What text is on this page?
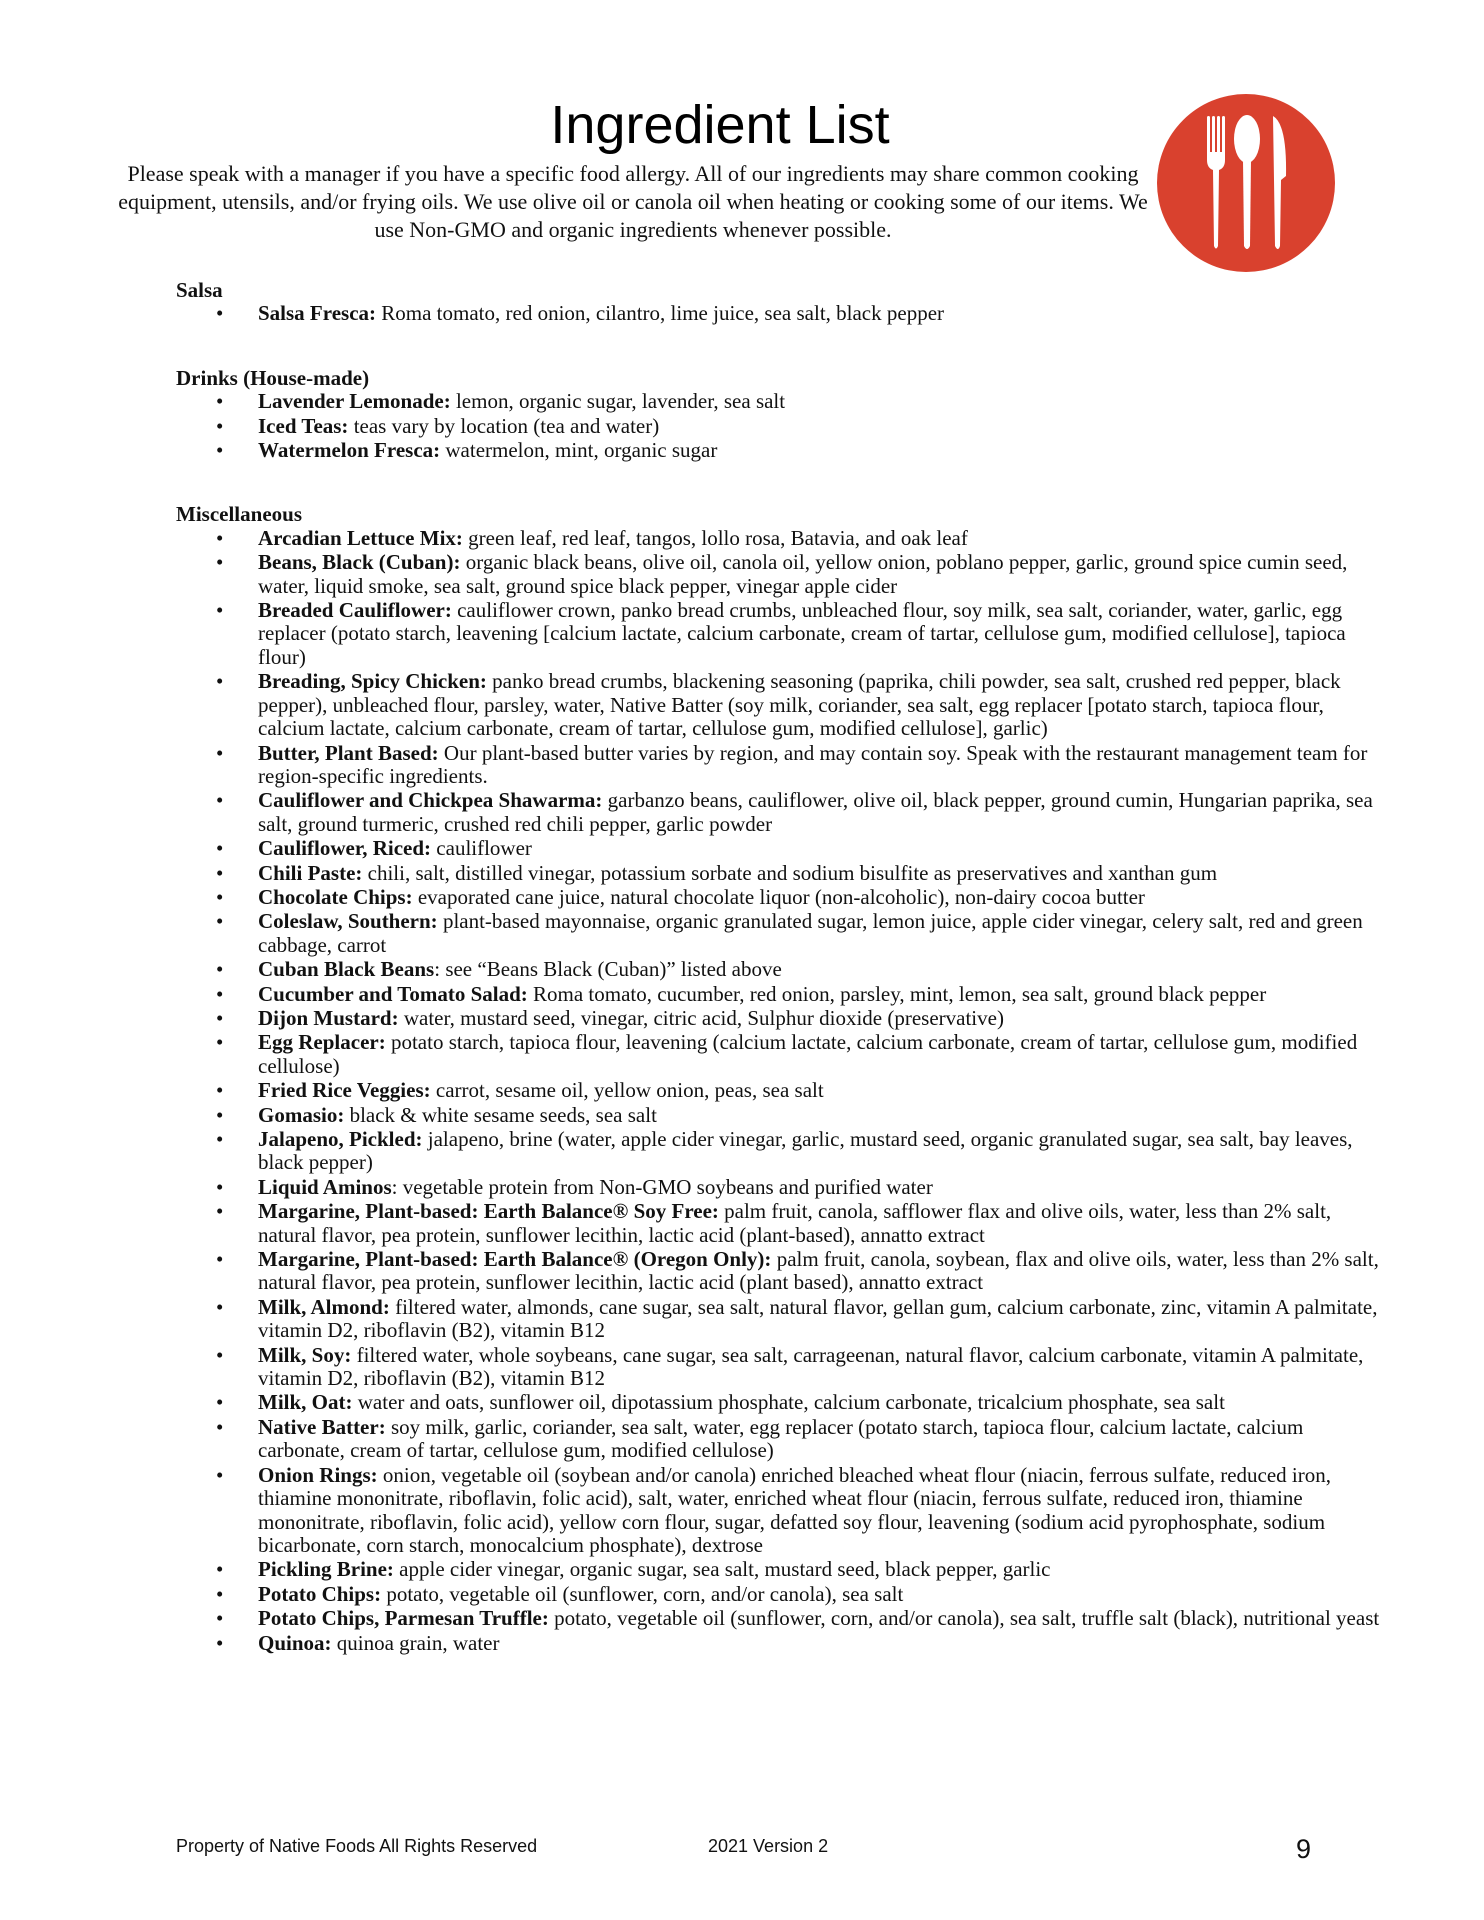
Ingredient List
Please speak with a manager if you have a specific food allergy. All of our ingredients may share common cooking equipment, utensils, and/or frying oils. We use olive oil or canola oil when heating or cooking some of our items. We use Non-GMO and organic ingredients whenever possible.
Salsa
• Salsa Fresca: Roma tomato, red onion, cilantro, lime juice, sea salt, black pepper
Drinks (House-made)
• Lavender Lemonade: lemon, organic sugar, lavender, sea salt
• Iced Teas: teas vary by location (tea and water)
• Watermelon Fresca: watermelon, mint, organic sugar
Miscellaneous
• Arcadian Lettuce Mix: green leaf, red leaf, tangos, lollo rosa, Batavia, and oak leaf
• Beans, Black (Cuban): organic black beans, olive oil, canola oil, yellow onion, poblano pepper, garlic, ground spice cumin seed, water, liquid smoke, sea salt, ground spice black pepper, vinegar apple cider
• Breaded Cauliflower: cauliflower crown, panko bread crumbs, unbleached flour, soy milk, sea salt, coriander, water, garlic, egg replacer (potato starch, leavening [calcium lactate, calcium carbonate, cream of tartar, cellulose gum, modified cellulose], tapioca flour)
• Breading, Spicy Chicken: panko bread crumbs, blackening seasoning (paprika, chili powder, sea salt, crushed red pepper, black pepper), unbleached flour, parsley, water, Native Batter (soy milk, coriander, sea salt, egg replacer [potato starch, tapioca flour, calcium lactate, calcium carbonate, cream of tartar, cellulose gum, modified cellulose], garlic)
• Butter, Plant Based: Our plant-based butter varies by region, and may contain soy. Speak with the restaurant management team for region-specific ingredients.
• Cauliflower and Chickpea Shawarma: garbanzo beans, cauliflower, olive oil, black pepper, ground cumin, Hungarian paprika, sea salt, ground turmeric, crushed red chili pepper, garlic powder
• Cauliflower, Riced: cauliflower
• Chili Paste: chili, salt, distilled vinegar, potassium sorbate and sodium bisulfite as preservatives and xanthan gum
• Chocolate Chips: evaporated cane juice, natural chocolate liquor (non-alcoholic), non-dairy cocoa butter
• Coleslaw, Southern: plant-based mayonnaise, organic granulated sugar, lemon juice, apple cider vinegar, celery salt, red and green cabbage, carrot
• Cuban Black Beans: see “Beans Black (Cuban)” listed above
• Cucumber and Tomato Salad: Roma tomato, cucumber, red onion, parsley, mint, lemon, sea salt, ground black pepper
• Dijon Mustard: water, mustard seed, vinegar, citric acid, Sulphur dioxide (preservative)
• Egg Replacer: potato starch, tapioca flour, leavening (calcium lactate, calcium carbonate, cream of tartar, cellulose gum, modified cellulose)
• Fried Rice Veggies: carrot, sesame oil, yellow onion, peas, sea salt
• Gomasio: black & white sesame seeds, sea salt
• Jalapeno, Pickled: jalapeno, brine (water, apple cider vinegar, garlic, mustard seed, organic granulated sugar, sea salt, bay leaves, black pepper)
• Liquid Aminos: vegetable protein from Non-GMO soybeans and purified water
• Margarine, Plant-based: Earth Balance® Soy Free: palm fruit, canola, safflower flax and olive oils, water, less than 2% salt, natural flavor, pea protein, sunflower lecithin, lactic acid (plant-based), annatto extract
• Margarine, Plant-based: Earth Balance® (Oregon Only): palm fruit, canola, soybean, flax and olive oils, water, less than 2% salt, natural flavor, pea protein, sunflower lecithin, lactic acid (plant based), annatto extract
• Milk, Almond: filtered water, almonds, cane sugar, sea salt, natural flavor, gellan gum, calcium carbonate, zinc, vitamin A palmitate, vitamin D2, riboflavin (B2), vitamin B12
• Milk, Soy: filtered water, whole soybeans, cane sugar, sea salt, carrageenan, natural flavor, calcium carbonate, vitamin A palmitate, vitamin D2, riboflavin (B2), vitamin B12
• Milk, Oat: water and oats, sunflower oil, dipotassium phosphate, calcium carbonate, tricalcium phosphate, sea salt
• Native Batter: soy milk, garlic, coriander, sea salt, water, egg replacer (potato starch, tapioca flour, calcium lactate, calcium carbonate, cream of tartar, cellulose gum, modified cellulose)
• Onion Rings: onion, vegetable oil (soybean and/or canola) enriched bleached wheat flour (niacin, ferrous sulfate, reduced iron, thiamine mononitrate, riboflavin, folic acid), salt, water, enriched wheat flour (niacin, ferrous sulfate, reduced iron, thiamine mononitrate, riboflavin, folic acid), yellow corn flour, sugar, defatted soy flour, leavening (sodium acid pyrophosphate, sodium bicarbonate, corn starch, monocalcium phosphate), dextrose
• Pickling Brine: apple cider vinegar, organic sugar, sea salt, mustard seed, black pepper, garlic
• Potato Chips: potato, vegetable oil (sunflower, corn, and/or canola), sea salt
• Potato Chips, Parmesan Truffle: potato, vegetable oil (sunflower, corn, and/or canola), sea salt, truffle salt (black), nutritional yeast
• Quinoa: quinoa grain, water
Property of Native Foods All Rights Reserved	2021 Version 2	9
